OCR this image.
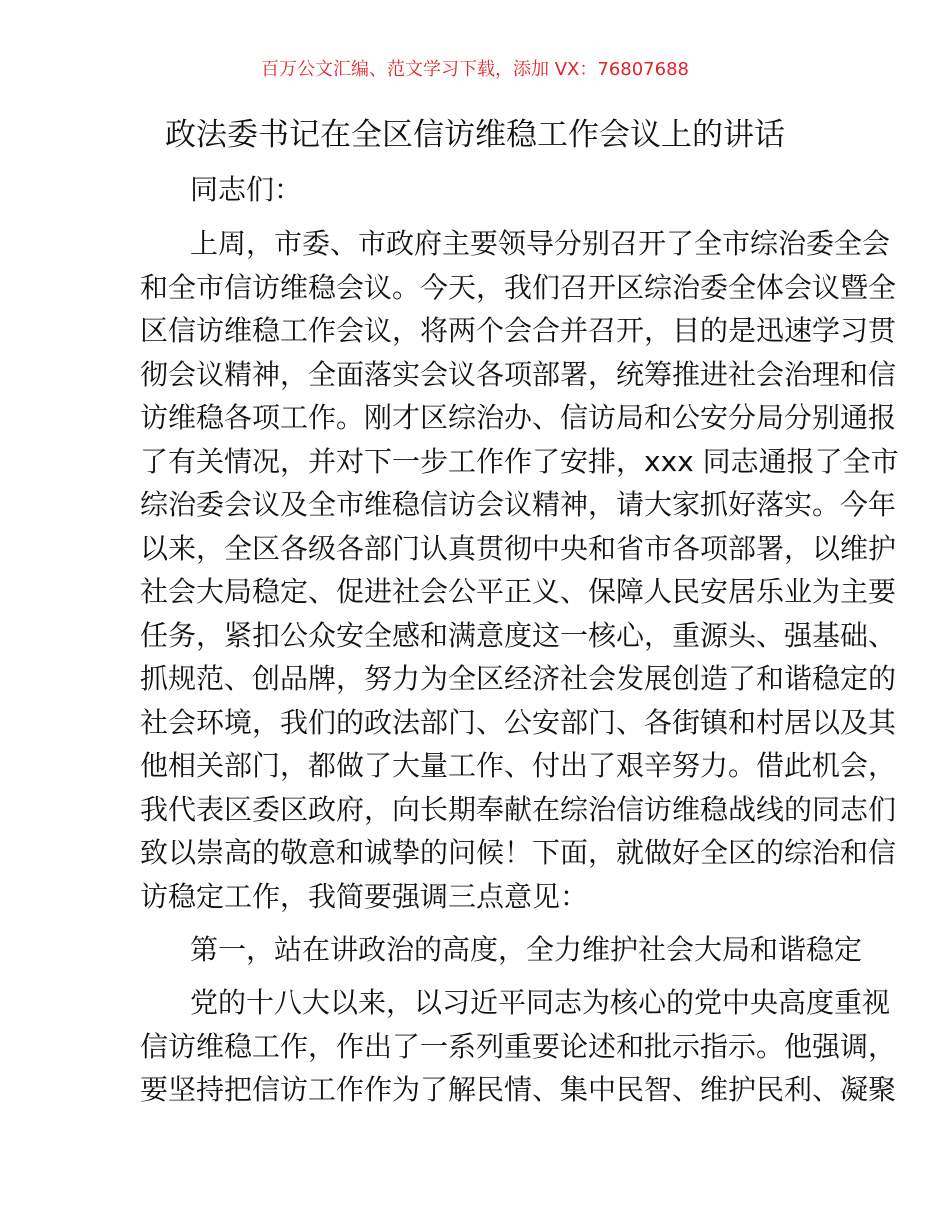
百万公文汇编、范文学习下载，添加 VX：76807688
政法委书记在全区信访维稳工作会议上的讲话
同志们：
上周，市委、市政府主要领导分别召开了全市综治委全会
和全市信访维稳会议。今天，我们召开区综治委全体会议暨全
区信访维稳工作会议，将两个会合并召开，目的是迅速学习贯
彻会议精神，全面落实会议各项部署，统筹推进社会治理和信
访维稳各项工作。刚才区综治办、信访局和公安分局分别通报
了有关情况，并对下一步工作作了安排，xxx 同志通报了全市
综治委会议及全市维稳信访会议精神，请大家抓好落实。今年
以来，全区各级各部门认真贯彻中央和省市各项部署，以维护
社会大局稳定、促进社会公平正义、保障人民安居乐业为主要
任务，紧扣公众安全感和满意度这一核心，重源头、强基础、
抓规范、创品牌，努力为全区经济社会发展创造了和谐稳定的
社会环境，我们的政法部门、公安部门、各街镇和村居以及其
他相关部门，都做了大量工作、付出了艰辛努力。借此机会，
我代表区委区政府，向长期奉献在综治信访维稳战线的同志们
致以崇高的敬意和诚挚的问候！下面，就做好全区的综治和信
访稳定工作，我简要强调三点意见：
第一，站在讲政治的高度，全力维护社会大局和谐稳定
党的十八大以来，以习近平同志为核心的党中央高度重视
信访维稳工作，作出了一系列重要论述和批示指示。他强调，
要坚持把信访工作作为了解民情、集中民智、维护民利、凝聚
